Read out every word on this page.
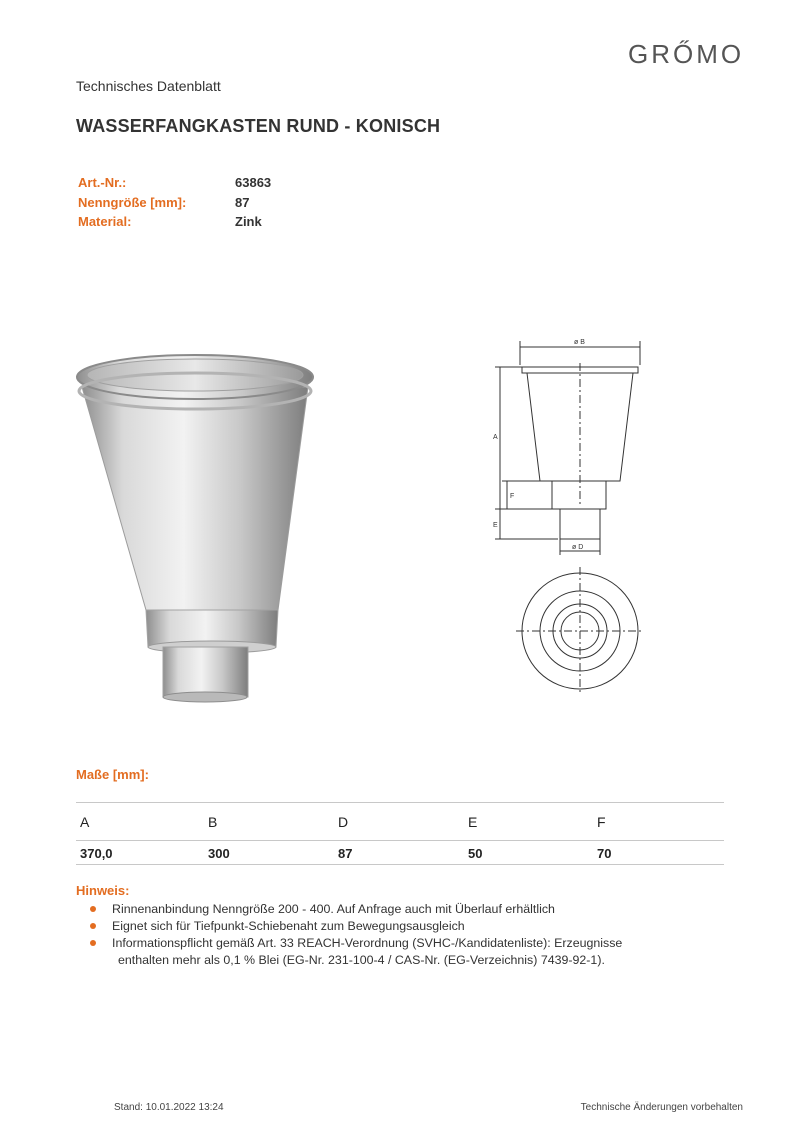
GRŐMO
Technisches Datenblatt
WASSERFANGKASTEN RUND - KONISCH
Art.-Nr.:	63863
Nenngröße [mm]:	87
Material:	Zink
ø B
A
F
E
ø D
Maße [mm]:
A	B	D	E	F
370,0	300	87	50	70
Hinweis:
Rinnenanbindung Nenngröße 200 - 400. Auf Anfrage auch mit Überlauf erhältlich
Eignet sich für Tiefpunkt-Schiebenaht zum Bewegungsausgleich
Informationspflicht gemäß Art. 33 REACH-Verordnung (SVHC-/Kandidatenliste): Erzeugnisse
enthalten mehr als 0,1 % Blei (EG-Nr. 231-100-4 / CAS-Nr. (EG-Verzeichnis) 7439-92-1).
Stand: 10.01.2022 13:24	Technische Änderungen vorbehalten
